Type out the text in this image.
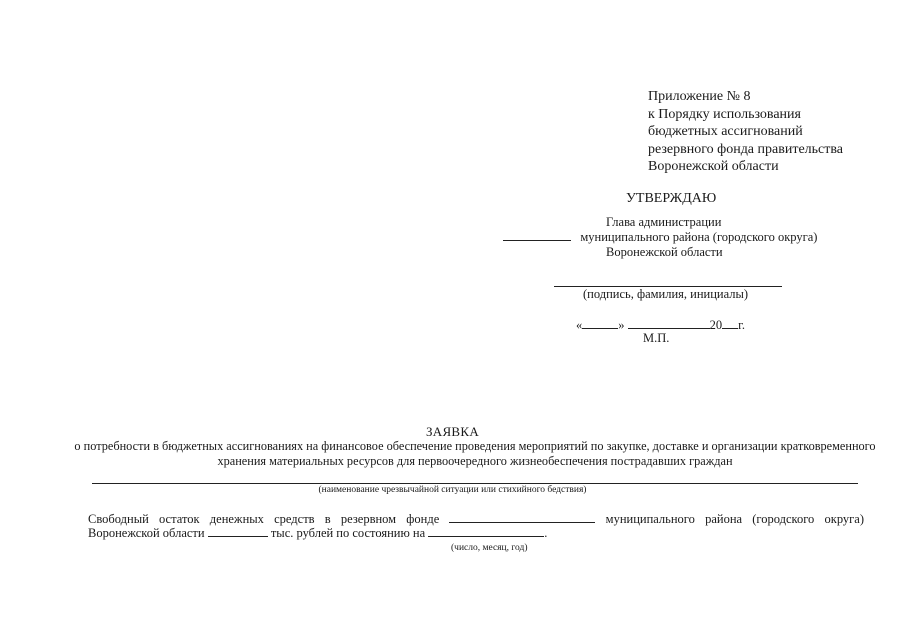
Приложение № 8
к Порядку использования
бюджетных ассигнований
резервного фонда правительства
Воронежской области
УТВЕРЖДАЮ
Глава администрации
муниципального района (городского округа)
Воронежской области
(подпись, фамилия, инициалы)
«	»	20 г.
М.П.
ЗАЯВКА
о потребности в бюджетных ассигнованиях на финансовое обеспечение проведения мероприятий по закупке, доставке и организации кратковременного хранения материальных ресурсов для первоочередного жизнеобеспечения пострадавших граждан
(наименование чрезвычайной ситуации или стихийного бедствия)
Свободный остаток денежных средств в резервном фонде	муниципального района (городского округа)
Воронежской области	тыс. рублей по состоянию на	.
(число, месяц, год)
